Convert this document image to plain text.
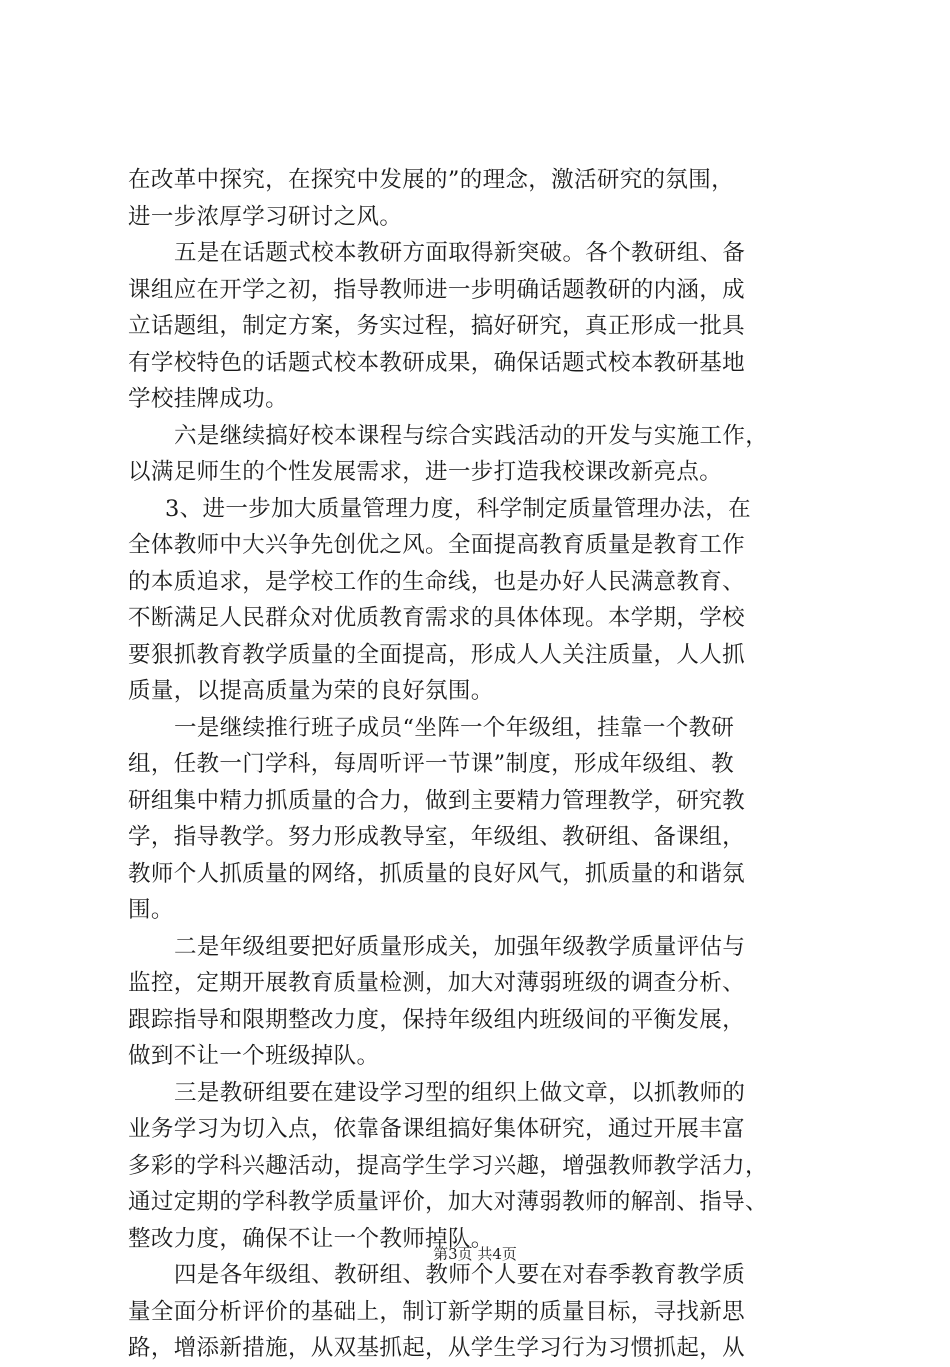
在改革中探究，在探究中发展的”的理念，激活研究的氛围，
进一步浓厚学习研讨之风。
五是在话题式校本教研方面取得新突破。各个教研组、备
课组应在开学之初，指导教师进一步明确话题教研的内涵，成
立话题组，制定方案，务实过程，搞好研究，真正形成一批具
有学校特色的话题式校本教研成果，确保话题式校本教研基地
学校挂牌成功。
六是继续搞好校本课程与综合实践活动的开发与实施工作，
以满足师生的个性发展需求，进一步打造我校课改新亮点。
3、进一步加大质量管理力度，科学制定质量管理办法，在
全体教师中大兴争先创优之风。全面提高教育质量是教育工作
的本质追求，是学校工作的生命线，也是办好人民满意教育、
不断满足人民群众对优质教育需求的具体体现。本学期，学校
要狠抓教育教学质量的全面提高，形成人人关注质量，人人抓
质量，以提高质量为荣的良好氛围。
一是继续推行班子成员“坐阵一个年级组，挂靠一个教研
组，任教一门学科，每周听评一节课”制度，形成年级组、教
研组集中精力抓质量的合力，做到主要精力管理教学，研究教
学，指导教学。努力形成教导室，年级组、教研组、备课组，
教师个人抓质量的网络，抓质量的良好风气，抓质量的和谐氛
围。
二是年级组要把好质量形成关，加强年级教学质量评估与
监控，定期开展教育质量检测，加大对薄弱班级的调查分析、
跟踪指导和限期整改力度，保持年级组内班级间的平衡发展，
做到不让一个班级掉队。
三是教研组要在建设学习型的组织上做文章，以抓教师的
业务学习为切入点，依靠备课组搞好集体研究，通过开展丰富
多彩的学科兴趣活动，提高学生学习兴趣，增强教师教学活力，
通过定期的学科教学质量评价，加大对薄弱教师的解剖、指导、
整改力度，确保不让一个教师掉队。
四是各年级组、教研组、教师个人要在对春季教育教学质
量全面分析评价的基础上，制订新学期的质量目标，寻找新思
路，增添新措施，从双基抓起，从学生学习行为习惯抓起，从
第3页 共4页
